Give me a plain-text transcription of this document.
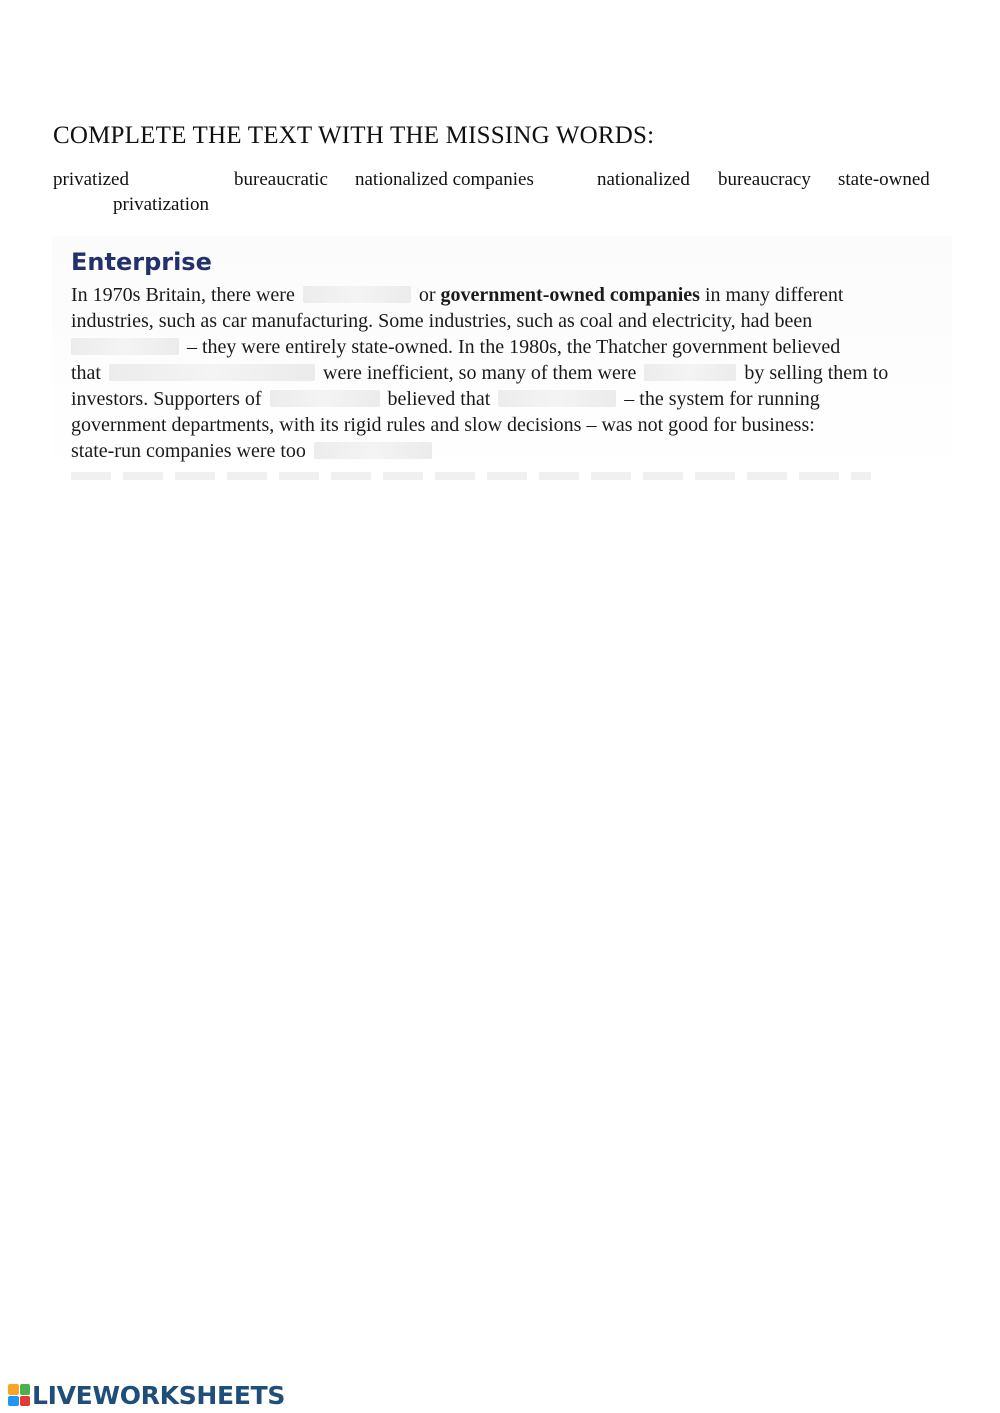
COMPLETE THE TEXT WITH THE MISSING WORDS:
privatized	bureaucratic nationalized companies	nationalized bureaucracy state-owned
privatization
Enterprise
In 1970s Britain, there were	or government-owned companies in many different
industries, such as car manufacturing. Some industries, such as coal and electricity, had been
– they were entirely state-owned. In the 1980s, the Thatcher government believed
that	were inefficient, so many of them were	by selling them to
investors. Supporters of	believed that	– the system for running
government departments, with its rigid rules and slow decisions – was not good for business:
state-run companies were too
LIVEWORKSHEETS
